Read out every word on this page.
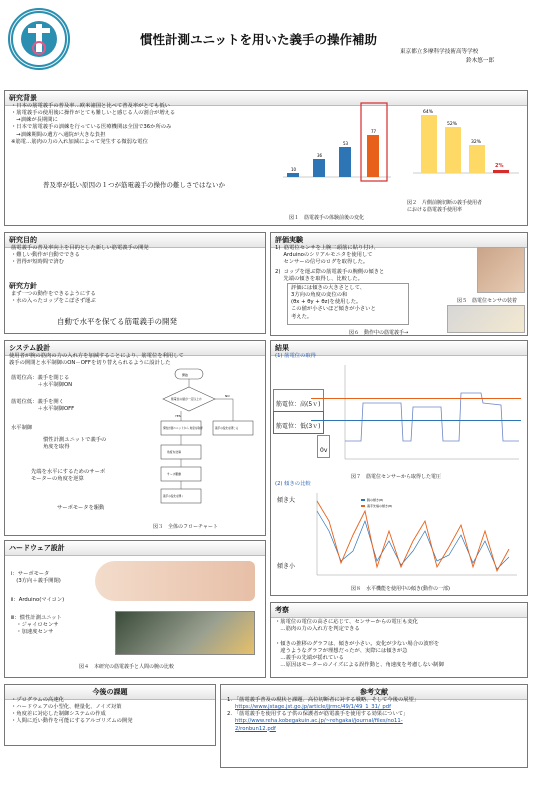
慣性計測ユニットを用いた義手の操作補助
東京都立多摩科学技術高等学校
鈴木悠一郎
研究背景
・日本の筋電義手の普及率…欧米諸国と比べて普及率がとても低い
・筋電義手の使用後に操作がとても難しいと感じる人の割合が増える
　→訓練が長期間に
・日本で筋電義手の訓練を行っている医療機関は全国で36か所のみ
　→訓練期間の遺方へ通院が大きな負担
※筋電…筋肉の力の入れ加減によって発生する微弱な電位
普及率が低い原因の１つが筋電義手の操作の難しさではないか
10
36
53
77
図１　筋電義手の体験前後の変化
64%
52%
32%
2%
図２　片側前腕切断の義手使用者
における筋電義手使用率
研究目的
筋電義手の普及率向上を目的とした新しい筋電義手の開発
・難しい動作が自動でできる
・習得が短時間で済む
研究方針
まず一つの動作をできるようにする
・水の入ったコップをこぼさず運ぶ
自動で水平を保てる筋電義手の開発
評価実験
1)  筋電位センサを上腕二頭筋に貼り付け、
Arduinoのシリアルモニタを使用して
センサーの信号のログを取得した。
2)  コップを運ぶ際の筋電義手の腕側の傾きと
先端の傾きを取得し、比較した。
図５　筋電位センサの装着
評価には傾きの大きさとして、
3方向の角度の変位の和
(θx + θy + θz)を使用した。
この値が小さいほど傾きが小さいと
考えた。
図６　動作中の筋電義手→
システム設計
使用者が腕の筋肉の力の入れ方を加減することにより、筋電位を利用して
義手の開閉と水平制御のON－OFFを切り替えられるように設計した
筋電位高：義手を閉じる
　　　　　＋水平制御ON
筋電位低：義手を開く
　　　　　＋水平制御OFF
水平制御
慣性計測ユニットで義手の
角度を取得
先端を水平にするためのサーボ
モーターの角度を逆算
サーボモータを駆動
開始
筋電位の値が一定以上か
YES
NO
慣性計測ユニットから 角度を取得	義手の指先を閉じる
角度を逆算
サーボ駆動
義手の指先を開く
図３　全体のフローチャート
結果
(1) 筋電位の取得
筋電位：高(5ｖ)
筋電位：低(3ｖ)
0v
図７　筋電位センサーから取得した電圧
(2) 傾きの比較
傾き大
傾き小
腕の傾き(θ)
義手先端の傾き(θ)
図８　水平機能を使用中の傾き(動作の一部)
ハードウェア設計
ⅰ：サーボモータ
　(3方向＋義手開閉)
ⅱ：Arduino(マイコン)
ⅲ：慣性計測ユニット
　・ジャイロセンサ
　・加速度センサ
図４　本研究の筋電義手と人間の腕の比較
考察
・筋電位の電位の高さに応じて、センサーからの電圧も変化
　…筋肉の力の入れ方を判定できる
・傾きの推移のグラフは、傾きが小さい。変化が少ない場合の波形を
　違うようなグラフが理想だったが、実際には傾きが急
　…義手の先端が揺れている
　…原因はモーターのノイズによる誤作動と、角速度を考慮しない制御
今後の課題
・プログラムの高速化
・ハードウェアの小型化、軽量化、ノイズ対策
・角度差に対応した制御システムの作成
・人間に近い動作を可能にするアルゴリズムの開発
参考文献
1. 「筋電義手普及の現状と課題、高位切断者に対する戦略、そして今後の展望」
https://www.jstage.jst.go.jp/article/jjrmc/49/1/49_1_31/_pdf
2. 「筋電義手を使用する子供の保護者が筋電義手を使用する効果について」
http://www.reha.kobegakuin.ac.jp/~rehgakai/journal/files/no11-
2/ronbun12.pdf
